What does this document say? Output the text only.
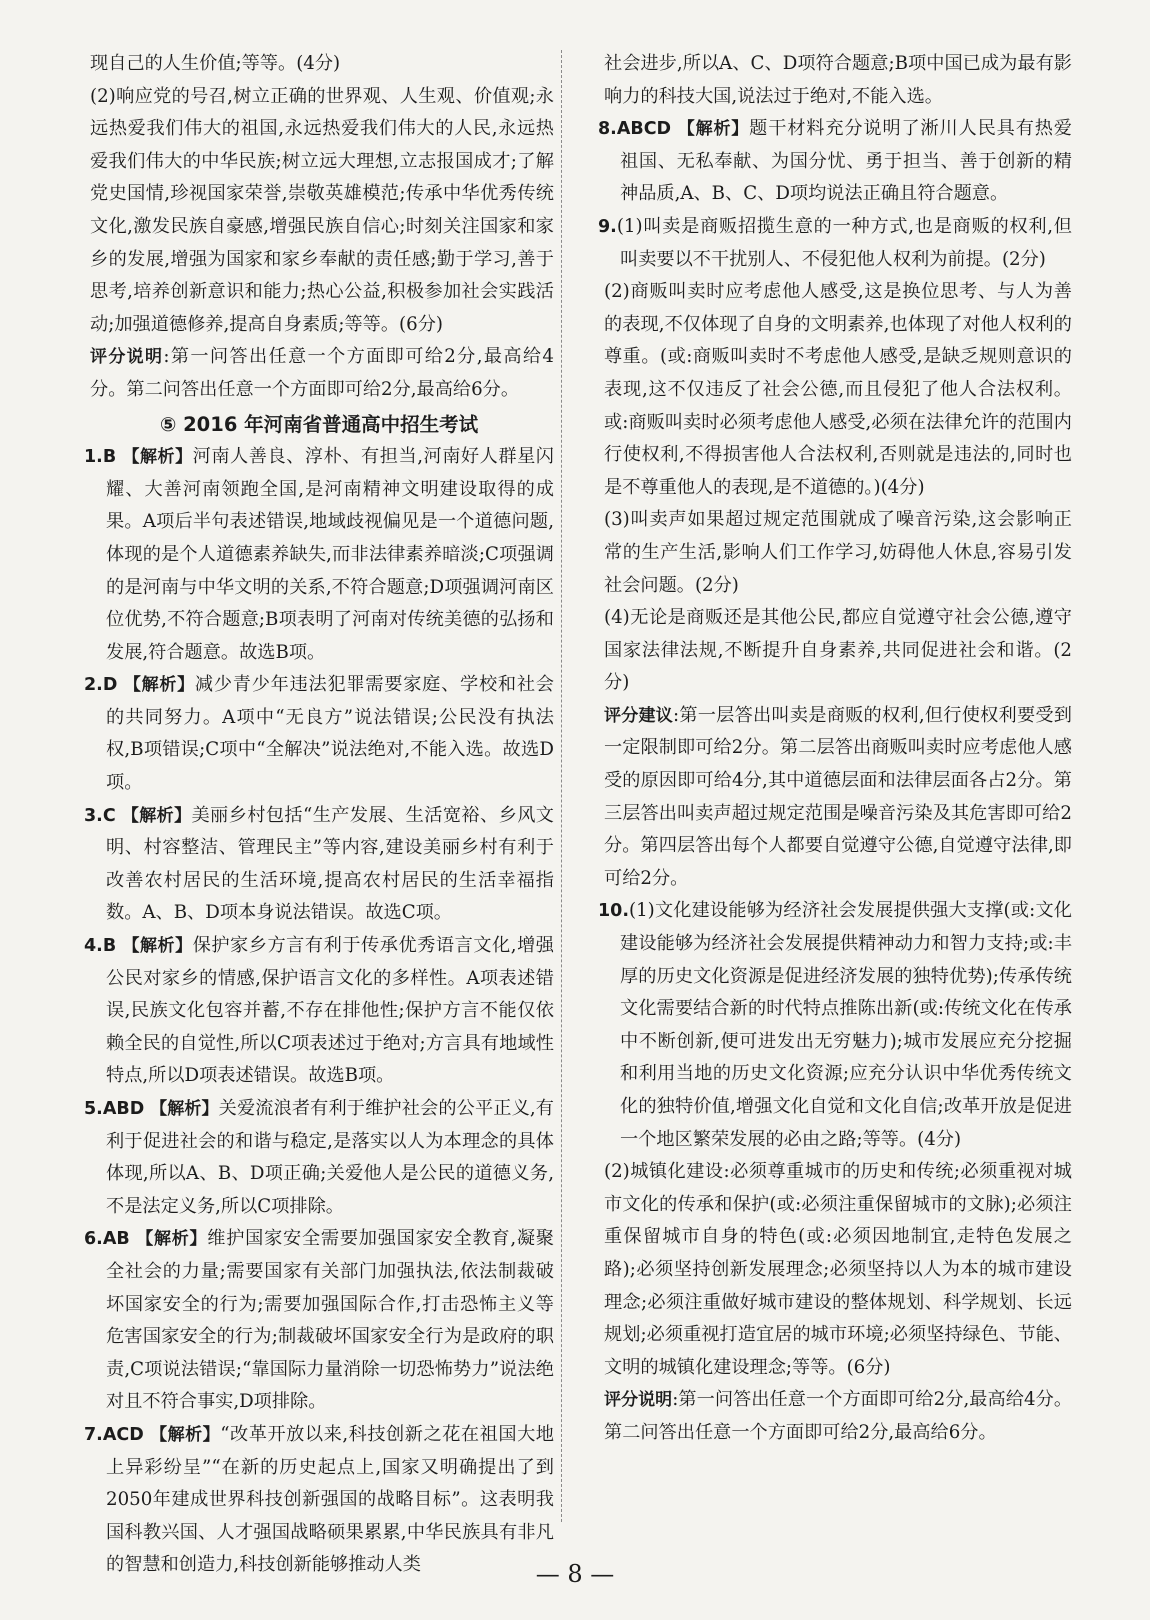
现自己的人生价值;等等。(4分)

(2)响应党的号召,树立正确的世界观、人生观、价值观;永远热爱我们伟大的祖国,永远热爱我们伟大的人民,永远热爱我们伟大的中华民族;树立远大理想,立志报国成才;了解党史国情,珍视国家荣誉,崇敬英雄模范;传承中华优秀传统文化,激发民族自豪感,增强民族自信心;时刻关注国家和家乡的发展,增强为国家和家乡奉献的责任感;勤于学习,善于思考,培养创新意识和能力;热心公益,积极参加社会实践活动;加强道德修养,提高自身素质;等等。(6分)

评分说明:第一问答出任意一个方面即可给2分,最高给4分。第二问答出任意一个方面即可给2分,最高给6分。

⑤ 2016 年河南省普通高中招生考试

1.B 【解析】河南人善良、淳朴、有担当,河南好人群星闪耀、大善河南领跑全国,是河南精神文明建设取得的成果。A项后半句表述错误,地域歧视偏见是一个道德问题,体现的是个人道德素养缺失,而非法律素养暗淡;C项强调的是河南与中华文明的关系,不符合题意;D项强调河南区位优势,不符合题意;B项表明了河南对传统美德的弘扬和发展,符合题意。故选B项。

2.D 【解析】减少青少年违法犯罪需要家庭、学校和社会的共同努力。A项中“无良方”说法错误;公民没有执法权,B项错误;C项中“全解决”说法绝对,不能入选。故选D项。

3.C 【解析】美丽乡村包括“生产发展、生活宽裕、乡风文明、村容整洁、管理民主”等内容,建设美丽乡村有利于改善农村居民的生活环境,提高农村居民的生活幸福指数。A、B、D项本身说法错误。故选C项。

4.B 【解析】保护家乡方言有利于传承优秀语言文化,增强公民对家乡的情感,保护语言文化的多样性。A项表述错误,民族文化包容并蓄,不存在排他性;保护方言不能仅依赖全民的自觉性,所以C项表述过于绝对;方言具有地域性特点,所以D项表述错误。故选B项。

5.ABD 【解析】关爱流浪者有利于维护社会的公平正义,有利于促进社会的和谐与稳定,是落实以人为本理念的具体体现,所以A、B、D项正确;关爱他人是公民的道德义务,不是法定义务,所以C项排除。

6.AB 【解析】维护国家安全需要加强国家安全教育,凝聚全社会的力量;需要国家有关部门加强执法,依法制裁破坏国家安全的行为;需要加强国际合作,打击恐怖主义等危害国家安全的行为;制裁破坏国家安全行为是政府的职责,C项说法错误;“靠国际力量消除一切恐怖势力”说法绝对且不符合事实,D项排除。

7.ACD 【解析】“改革开放以来,科技创新之花在祖国大地上异彩纷呈”“在新的历史起点上,国家又明确提出了到2050年建成世界科技创新强国的战略目标”。这表明我国科教兴国、人才强国战略硕果累累,中华民族具有非凡的智慧和创造力,科技创新能够推动人类

社会进步,所以A、C、D项符合题意;B项中国已成为最有影响力的科技大国,说法过于绝对,不能入选。

8.ABCD 【解析】题干材料充分说明了淅川人民具有热爱祖国、无私奉献、为国分忧、勇于担当、善于创新的精神品质,A、B、C、D项均说法正确且符合题意。

9.(1)叫卖是商贩招揽生意的一种方式,也是商贩的权利,但叫卖要以不干扰别人、不侵犯他人权利为前提。(2分)

(2)商贩叫卖时应考虑他人感受,这是换位思考、与人为善的表现,不仅体现了自身的文明素养,也体现了对他人权利的尊重。(或:商贩叫卖时不考虑他人感受,是缺乏规则意识的表现,这不仅违反了社会公德,而且侵犯了他人合法权利。或:商贩叫卖时必须考虑他人感受,必须在法律允许的范围内行使权利,不得损害他人合法权利,否则就是违法的,同时也是不尊重他人的表现,是不道德的。)(4分)

(3)叫卖声如果超过规定范围就成了噪音污染,这会影响正常的生产生活,影响人们工作学习,妨碍他人休息,容易引发社会问题。(2分)

(4)无论是商贩还是其他公民,都应自觉遵守社会公德,遵守国家法律法规,不断提升自身素养,共同促进社会和谐。(2分)

评分建议:第一层答出叫卖是商贩的权利,但行使权利要受到一定限制即可给2分。第二层答出商贩叫卖时应考虑他人感受的原因即可给4分,其中道德层面和法律层面各占2分。第三层答出叫卖声超过规定范围是噪音污染及其危害即可给2分。第四层答出每个人都要自觉遵守公德,自觉遵守法律,即可给2分。

10.(1)文化建设能够为经济社会发展提供强大支撑(或:文化建设能够为经济社会发展提供精神动力和智力支持;或:丰厚的历史文化资源是促进经济发展的独特优势);传承传统文化需要结合新的时代特点推陈出新(或:传统文化在传承中不断创新,便可进发出无穷魅力);城市发展应充分挖掘和利用当地的历史文化资源;应充分认识中华优秀传统文化的独特价值,增强文化自觉和文化自信;改革开放是促进一个地区繁荣发展的必由之路;等等。(4分)

(2)城镇化建设:必须尊重城市的历史和传统;必须重视对城市文化的传承和保护(或:必须注重保留城市的文脉);必须注重保留城市自身的特色(或:必须因地制宜,走特色发展之路);必须坚持创新发展理念;必须坚持以人为本的城市建设理念;必须注重做好城市建设的整体规划、科学规划、长远规划;必须重视打造宜居的城市环境;必须坚持绿色、节能、文明的城镇化建设理念;等等。(6分)

评分说明:第一问答出任意一个方面即可给2分,最高给4分。第二问答出任意一个方面即可给2分,最高给6分。

— 8 —
